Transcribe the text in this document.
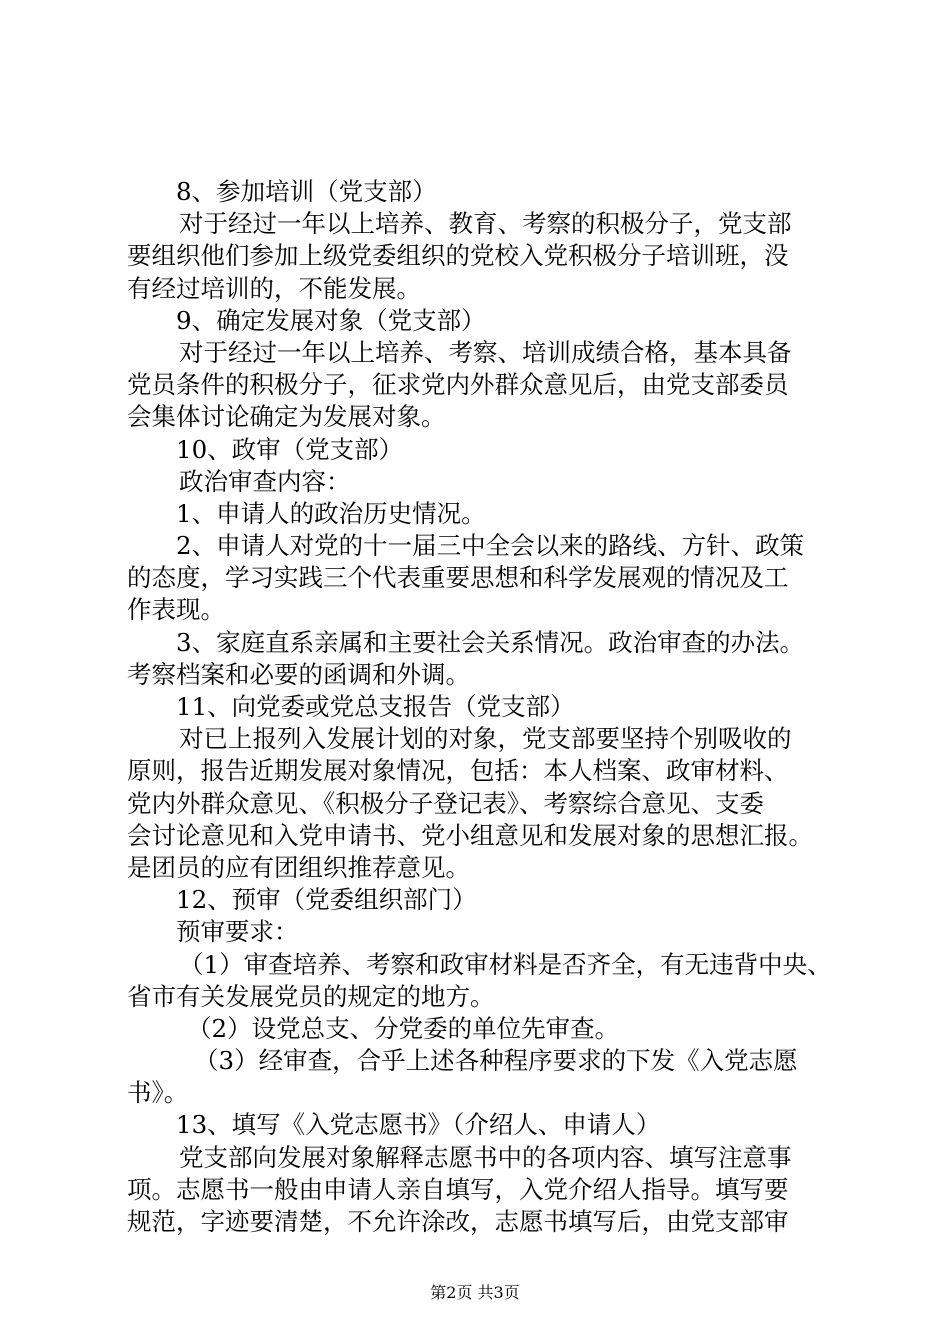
8、参加培训（党支部）
对于经过一年以上培养、教育、考察的积极分子，党支部
要组织他们参加上级党委组织的党校入党积极分子培训班，没
有经过培训的，不能发展。
9、确定发展对象（党支部）
对于经过一年以上培养、考察、培训成绩合格，基本具备
党员条件的积极分子，征求党内外群众意见后，由党支部委员
会集体讨论确定为发展对象。
10、政审（党支部）
政治审查内容：
1、申请人的政治历史情况。
2、申请人对党的十一届三中全会以来的路线、方针、政策
的态度，学习实践三个代表重要思想和科学发展观的情况及工
作表现。
3、家庭直系亲属和主要社会关系情况。政治审查的办法。
考察档案和必要的函调和外调。
11、向党委或党总支报告（党支部）
对已上报列入发展计划的对象，党支部要坚持个别吸收的
原则，报告近期发展对象情况，包括：本人档案、政审材料、
党内外群众意见、《积极分子登记表》、考察综合意见、支委
会讨论意见和入党申请书、党小组意见和发展对象的思想汇报。
是团员的应有团组织推荐意见。
12、预审（党委组织部门）
预审要求：
（1）审查培养、考察和政审材料是否齐全，有无违背中央、
省市有关发展党员的规定的地方。
（2）设党总支、分党委的单位先审查。
（3）经审查，合乎上述各种程序要求的下发《入党志愿
书》。
13、填写《入党志愿书》（介绍人、申请人）
党支部向发展对象解释志愿书中的各项内容、填写注意事
项。志愿书一般由申请人亲自填写，入党介绍人指导。填写要
规范，字迹要清楚，不允许涂改，志愿书填写后，由党支部审
第2页 共3页
